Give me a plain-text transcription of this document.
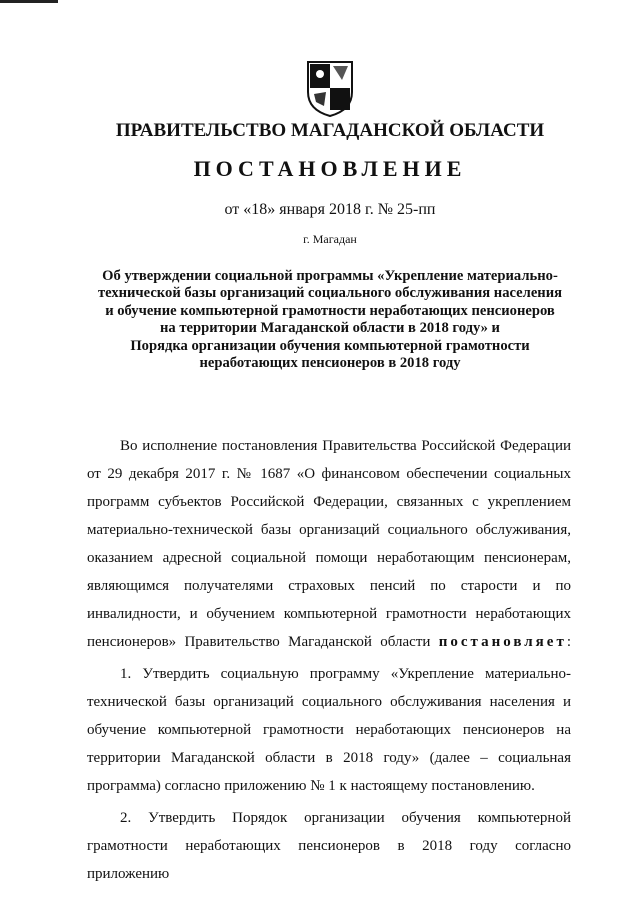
ПРАВИТЕЛЬСТВО МАГАДАНСКОЙ ОБЛАСТИ
ПОСТАНОВЛЕНИЕ
от «18» января 2018 г. № 25-пп
г. Магадан
Об утверждении социальной программы «Укрепление материально-
технической базы организаций социального обслуживания населения
и обучение компьютерной грамотности неработающих пенсионеров
на территории Магаданской области в 2018 году» и
Порядка организации обучения компьютерной грамотности
неработающих пенсионеров в 2018 году

Во исполнение постановления Правительства Российской Федерации

от 29 декабря 2017 г. № 1687 «О финансовом обеспечении социальных

программ субъектов Российской Федерации, связанных с укреплением

материально-технической базы организаций социального обслуживания,

оказанием адресной социальной помощи неработающим пенсионерам,

являющимся получателями страховых пенсий по старости и по

инвалидности, и обучением компьютерной грамотности неработающих

пенсионеров» Правительство Магаданской области постановляет:

1. Утвердить социальную программу «Укрепление материально-

технической базы организаций социального обслуживания населения и

обучение компьютерной грамотности неработающих пенсионеров на

территории Магаданской области в 2018 году» (далее – социальная

программа) согласно приложению № 1 к настоящему постановлению.

2. Утвердить Порядок организации обучения компьютерной

грамотности неработающих пенсионеров в 2018 году согласно приложению
